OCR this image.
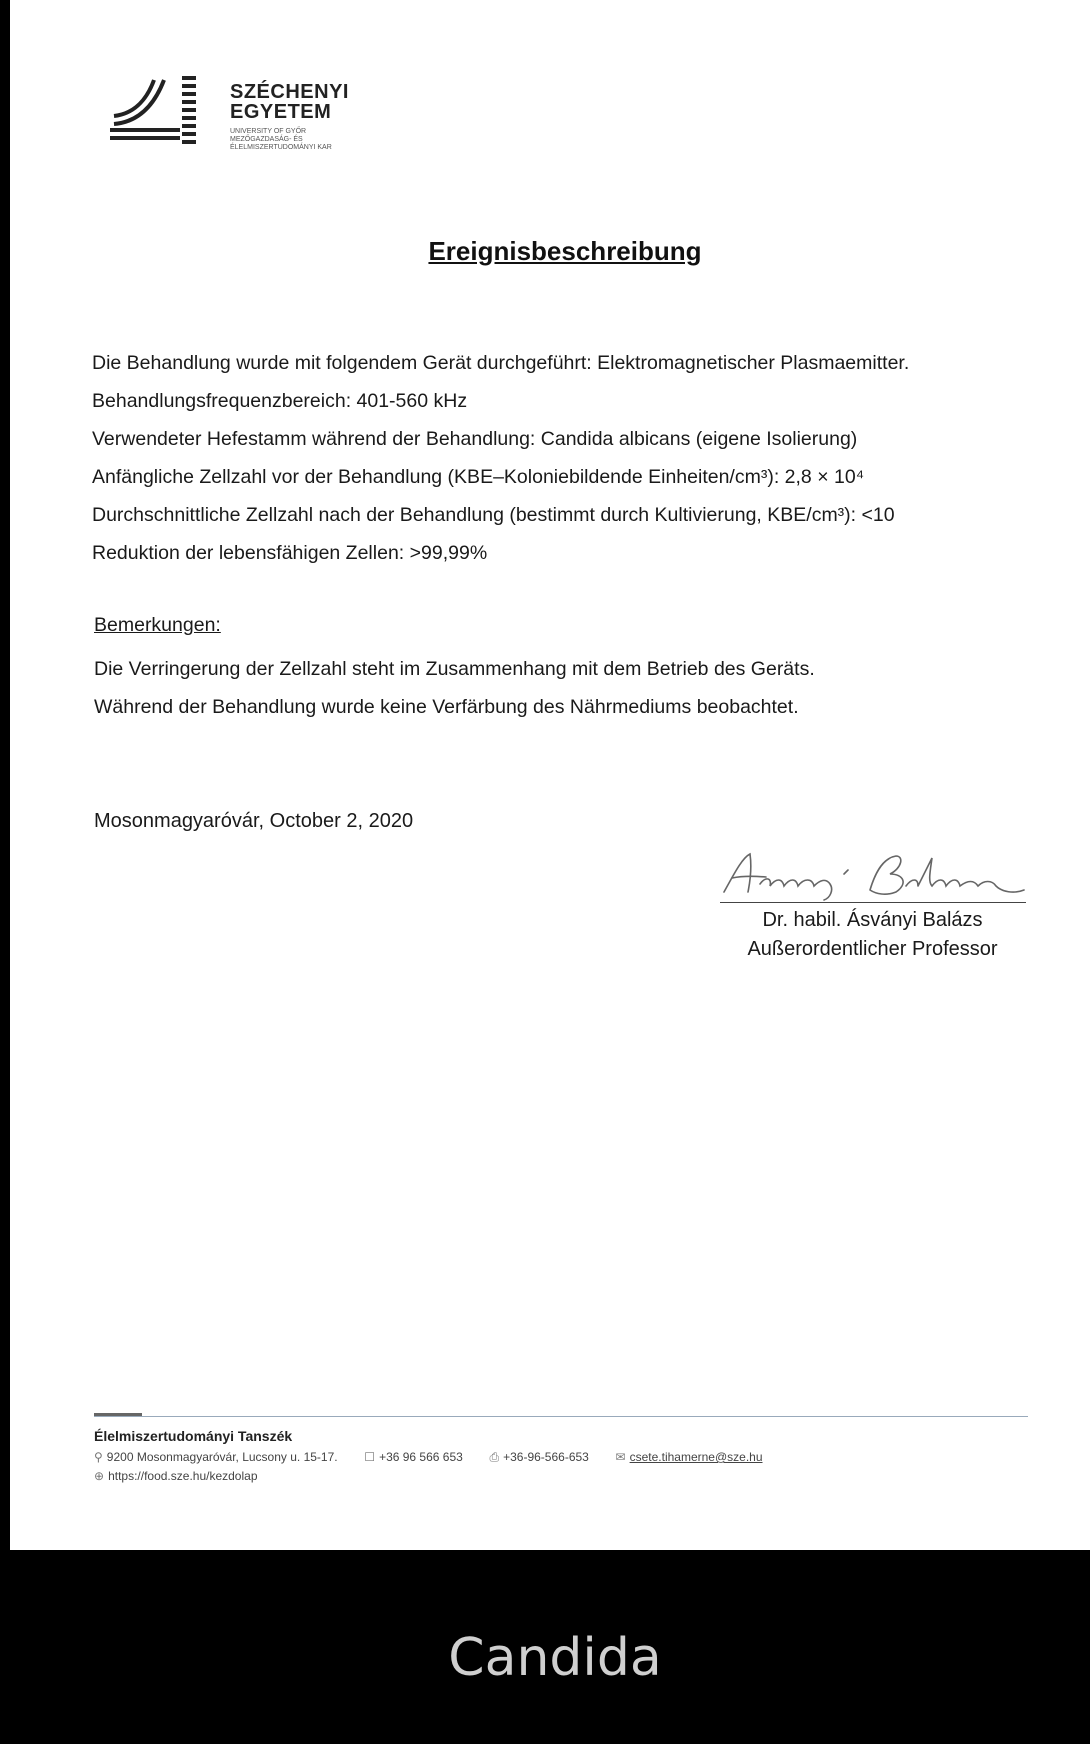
SZÉCHENYI
EGYETEM
UNIVERSITY OF GYŐR
MEZŐGAZDASÁG- ÉS
ÉLELMISZERTUDOMÁNYI KAR
Ereignisbeschreibung
Die Behandlung wurde mit folgendem Gerät durchgeführt: Elektromagnetischer Plasmaemitter.
Behandlungsfrequenzbereich: 401-560 kHz
Verwendeter Hefestamm während der Behandlung: Candida albicans (eigene Isolierung)
Anfängliche Zellzahl vor der Behandlung (KBE–Koloniebildende Einheiten/cm³): 2,8 × 10⁴
Durchschnittliche Zellzahl nach der Behandlung (bestimmt durch Kultivierung, KBE/cm³): <10
Reduktion der lebensfähigen Zellen: >99,99%
Bemerkungen:
Die Verringerung der Zellzahl steht im Zusammenhang mit dem Betrieb des Geräts.
Während der Behandlung wurde keine Verfärbung des Nährmediums beobachtet.
Mosonmagyaróvár, October 2, 2020
Dr. habil. Ásványi Balázs
Außerordentlicher Professor
Élelmiszertudományi Tanszék
⚲ 9200 Mosonmagyaróvár, Lucsony u. 15-17. ☐ +36 96 566 653 ⎙ +36-96-566-653 ✉ csete.tihamerne@sze.hu
⊕ https://food.sze.hu/kezdolap
Candida
